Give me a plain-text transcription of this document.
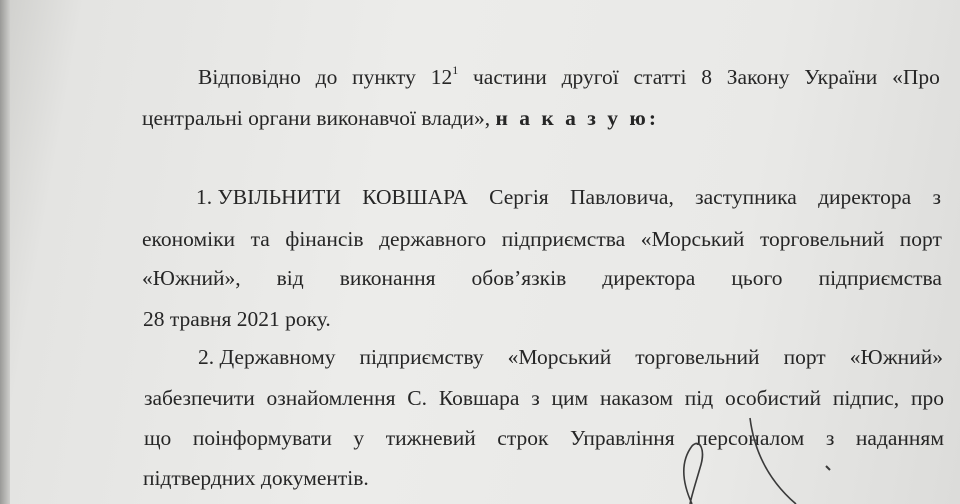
Відповідно до пункту $12^1$ частини другої статті 8 Закону України «Про
центральні органи виконавчої влади», н а к а з у ю:
1. УВІЛЬНИТИ КОВШАРА Сергія Павловича, заступника директора з
економіки та фінансів державного підприємства «Морський торговельний порт
«Южний», від виконання обов’язків директора цього підприємства
28 травня 2021 року.
2. Державному підприємству «Морський торговельний порт «Южний»
забезпечити ознайомлення С. Ковшара з цим наказом під особистий підпис, про
що поінформувати у тижневий строк Управління персоналом з наданням
підтвердних документів.
